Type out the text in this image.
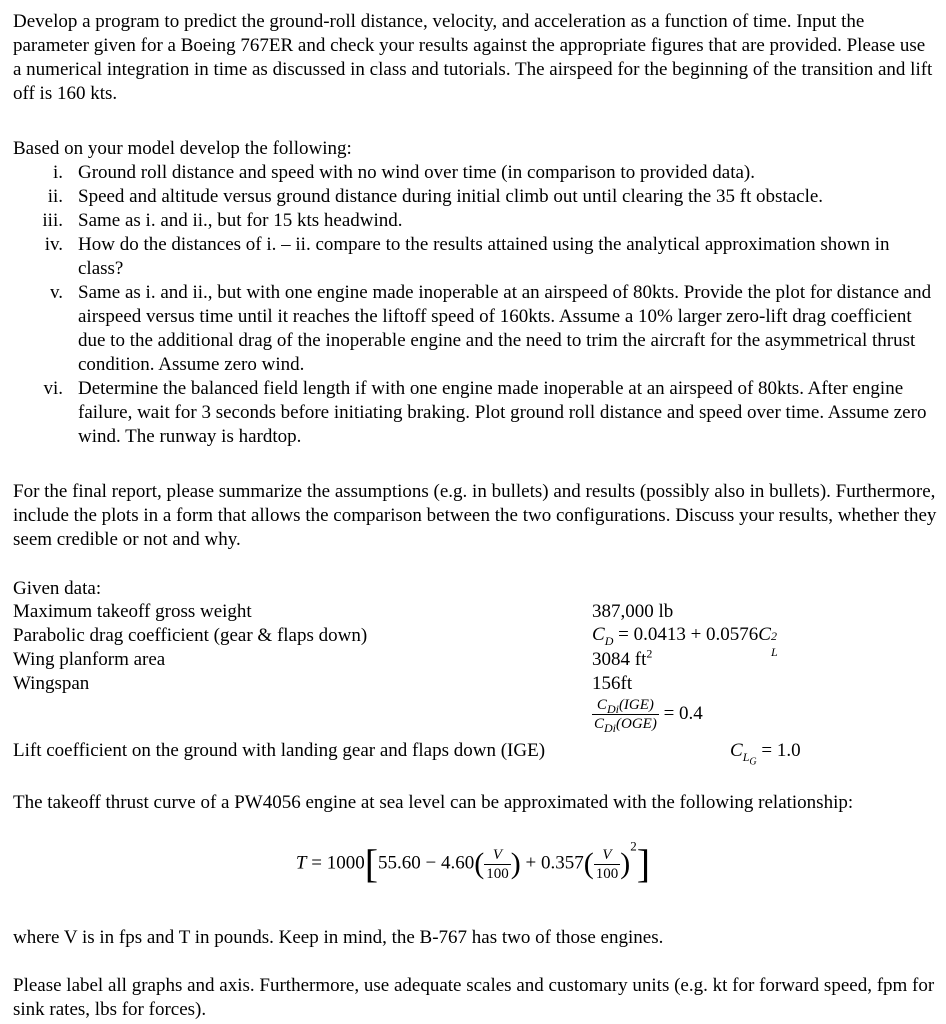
Develop a program to predict the ground-roll distance, velocity, and acceleration as a function of time. Input the parameter given for a Boeing 767ER and check your results against the appropriate figures that are provided. Please use a numerical integration in time as discussed in class and tutorials. The airspeed for the beginning of the transition and lift off is 160 kts.

Based on your model develop the following:

i. Ground roll distance and speed with no wind over time (in comparison to provided data).
ii. Speed and altitude versus ground distance during initial climb out until clearing the 35 ft obstacle.
iii. Same as i. and ii., but for 15 kts headwind.
iv. How do the distances of i. – ii. compare to the results attained using the analytical approximation shown in class?
v. Same as i. and ii., but with one engine made inoperable at an airspeed of 80kts. Provide the plot for distance and airspeed versus time until it reaches the liftoff speed of 160kts. Assume a 10% larger zero-lift drag coefficient due to the additional drag of the inoperable engine and the need to trim the aircraft for the asymmetrical thrust condition. Assume zero wind.
vi. Determine the balanced field length if with one engine made inoperable at an airspeed of 80kts. After engine failure, wait for 3 seconds before initiating braking. Plot ground roll distance and speed over time. Assume zero wind. The runway is hardtop.

For the final report, please summarize the assumptions (e.g. in bullets) and results (possibly also in bullets). Furthermore, include the plots in a form that allows the comparison between the two configurations. Discuss your results, whether they seem credible or not and why.

Given data:
Maximum takeoff gross weight	387,000 lb
Parabolic drag coefficient (gear & flaps down)	$C_D = 0.0413 + 0.0576C$ 2
L
Wing planform area	3084 $ft^2$
Wingspan	156ft
$\frac{C_{Di}(IGE)}{C_{Di}(OGE)} = 0.4$
Lift coefficient on the ground with landing gear and flaps down (IGE)	$C_{L_G} = 1.0$

The takeoff thrust curve of a PW4056 engine at sea level can be approximated with the following relationship:

$T = 1000[55.60 - 4.60( \frac{V}{100}$ ) + $0.357( \frac{V}{100} )^2$]

where V is in fps and T in pounds. Keep in mind, the B-767 has two of those engines.

Please label all graphs and axis. Furthermore, use adequate scales and customary units (e.g. kt for forward speed, fpm for sink rates, lbs for forces).
